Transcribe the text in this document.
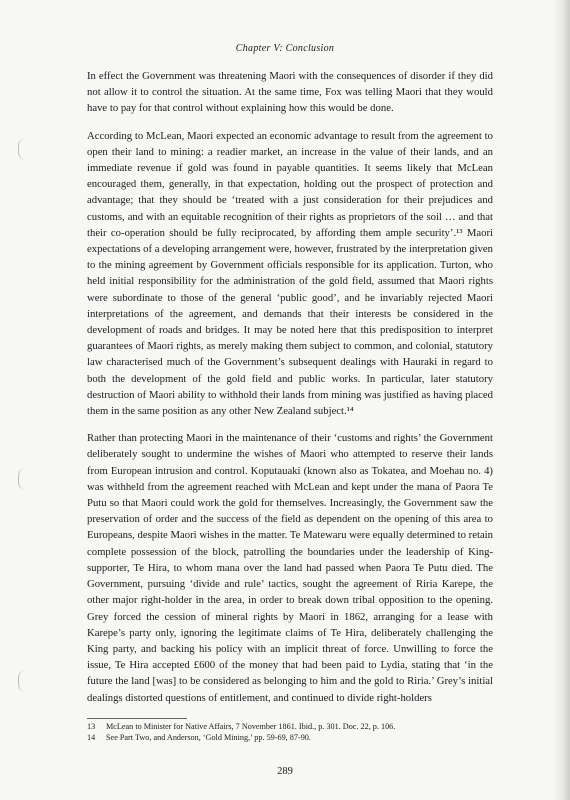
Chapter V: Conclusion

In effect the Government was threatening Maori with the consequences of disorder if they did not allow it to control the situation. At the same time, Fox was telling Maori that they would have to pay for that control without explaining how this would be done.

According to McLean, Maori expected an economic advantage to result from the agreement to open their land to mining: a readier market, an increase in the value of their lands, and an immediate revenue if gold was found in payable quantities. It seems likely that McLean encouraged them, generally, in that expectation, holding out the prospect of protection and advantage; that they should be ‘treated with a just consideration for their prejudices and customs, and with an equitable recognition of their rights as proprietors of the soil … and that their co-operation should be fully reciprocated, by affording them ample security’.¹³ Maori expectations of a developing arrangement were, however, frustrated by the interpretation given to the mining agreement by Government officials responsible for its application. Turton, who held initial responsibility for the administration of the gold field, assumed that Maori rights were subordinate to those of the general ‘public good’, and he invariably rejected Maori interpretations of the agreement, and demands that their interests be considered in the development of roads and bridges. It may be noted here that this predisposition to interpret guarantees of Maori rights, as merely making them subject to common, and colonial, statutory law characterised much of the Government’s subsequent dealings with Hauraki in regard to both the development of the gold field and public works. In particular, later statutory destruction of Maori ability to withhold their lands from mining was justified as having placed them in the same position as any other New Zealand subject.¹⁴

Rather than protecting Maori in the maintenance of their ‘customs and rights’ the Government deliberately sought to undermine the wishes of Maori who attempted to reserve their lands from European intrusion and control. Koputauaki (known also as Tokatea, and Moehau no. 4) was withheld from the agreement reached with McLean and kept under the mana of Paora Te Putu so that Maori could work the gold for themselves. Increasingly, the Government saw the preservation of order and the success of the field as dependent on the opening of this area to Europeans, despite Maori wishes in the matter. Te Matewaru were equally determined to retain complete possession of the block, patrolling the boundaries under the leadership of King-supporter, Te Hira, to whom mana over the land had passed when Paora Te Putu died. The Government, pursuing ‘divide and rule’ tactics, sought the agreement of Riria Karepe, the other major right-holder in the area, in order to break down tribal opposition to the opening. Grey forced the cession of mineral rights by Maori in 1862, arranging for a lease with Karepe’s party only, ignoring the legitimate claims of Te Hira, deliberately challenging the King party, and backing his policy with an implicit threat of force. Unwilling to force the issue, Te Hira accepted £600 of the money that had been paid to Lydia, stating that ‘in the future the land [was] to be considered as belonging to him and the gold to Riria.’ Grey’s initial dealings distorted questions of entitlement, and continued to divide right-holders

13	McLean to Minister for Native Affairs, 7 November 1861. Ibid., p. 301. Doc. 22, p. 106.
14	See Part Two, and Anderson, ‘Gold Mining,’ pp. 59-69, 87-90.
289
